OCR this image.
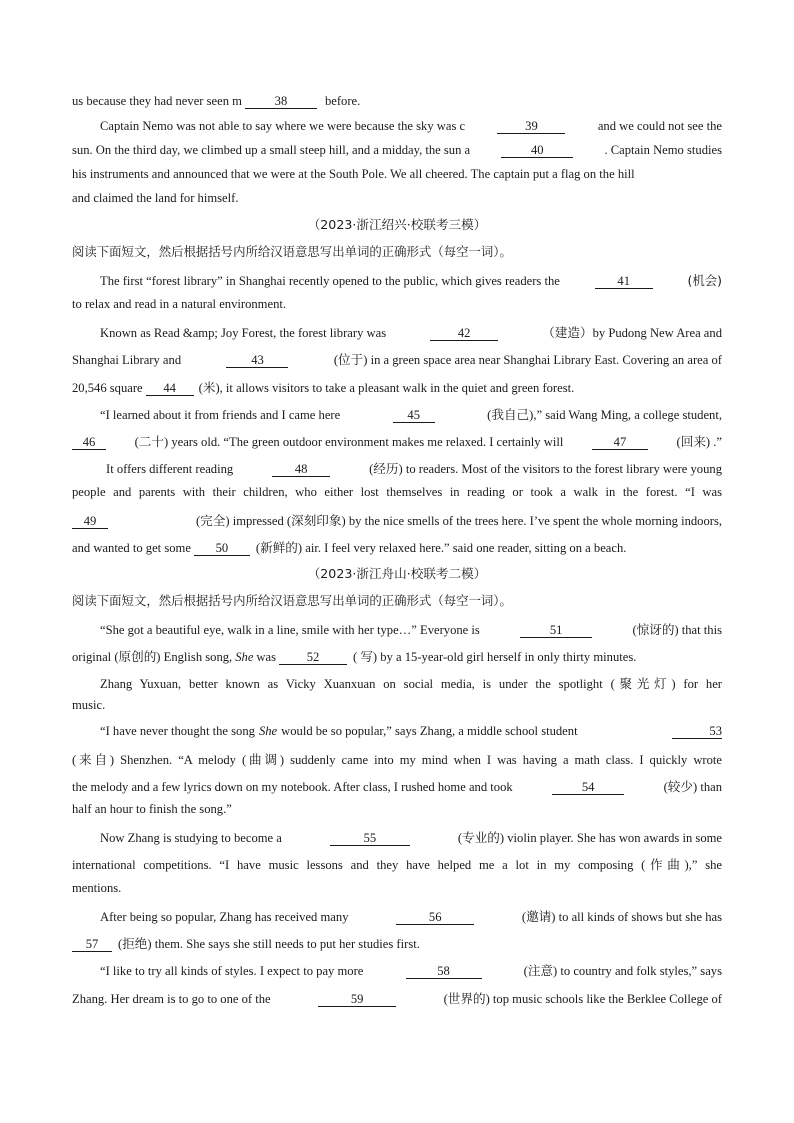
us because they had never seen m	38	before.
Captain Nemo was not able to say where we were because the sky was c	39	and we could not see the
sun. On the third day, we climbed up a small steep hill, and a midday, the sun a	40	. Captain Nemo studies
his instruments and announced that we were at the South Pole. We all cheered. The captain put a flag on the hill
and claimed the land for himself.
（2023·浙江绍兴·校联考三模）
阅读下面短文，然后根据括号内所给汉语意思写出单词的正确形式（每空一词）。
The first “forest library” in Shanghai recently opened to the public, which gives readers the	41	(机会)
to relax and read in a natural environment.
Known as Read &amp; Joy Forest, the forest library was	42	（建造）by Pudong New Area and
Shanghai Library and	43	(位于) in a green space area near Shanghai Library East. Covering an area of
20,546 square	44	(米), it allows visitors to take a pleasant walk in the quiet and green forest.
“I learned about it from friends and I came here	45	(我自己),” said Wang Ming, a college student,
46	(二十) years old. “The green outdoor environment makes me relaxed. I certainly will	47	(回来) .”
It offers different reading	48	(经历) to readers. Most of the visitors to the forest library were young
people and parents with their children, who either lost themselves in reading or took a walk in the forest. “I was
49	(完全) impressed (深刻印象) by the nice smells of the trees here. I’ve spent the whole morning indoors,
and wanted to get some	50	(新鲜的) air. I feel very relaxed here.” said one reader, sitting on a beach.
（2023·浙江舟山·校联考二模）
阅读下面短文，然后根据括号内所给汉语意思写出单词的正确形式（每空一词）。
“She got a beautiful eye, walk in a line, smile with her type…” Everyone is	51	(惊讶的) that this
original (原创的) English song, She was	52	( 写) by a 15-year-old girl herself in only thirty minutes.
Zhang Yuxuan, better known as Vicky Xuanxuan on social media, is under the spotlight (聚光灯) for her
music.
“I have never thought the song She would be so popular,” says Zhang, a middle school student	53
(来自) Shenzhen. “A melody (曲调) suddenly came into my mind when I was having a math class. I quickly wrote
the melody and a few lyrics down on my notebook. After class, I rushed home and took	54	(较少) than
half an hour to finish the song.”
Now Zhang is studying to become a	55	(专业的) violin player. She has won awards in some
international competitions. “I have music lessons and they have helped me a lot in my composing (作曲),” she
mentions.
After being so popular, Zhang has received many	56	(邀请) to all kinds of shows but she has
57	(拒绝) them. She says she still needs to put her studies first.
“I like to try all kinds of styles. I expect to pay more	58	(注意) to country and folk styles,” says
Zhang. Her dream is to go to one of the	59	(世界的) top music schools like the Berklee College of
